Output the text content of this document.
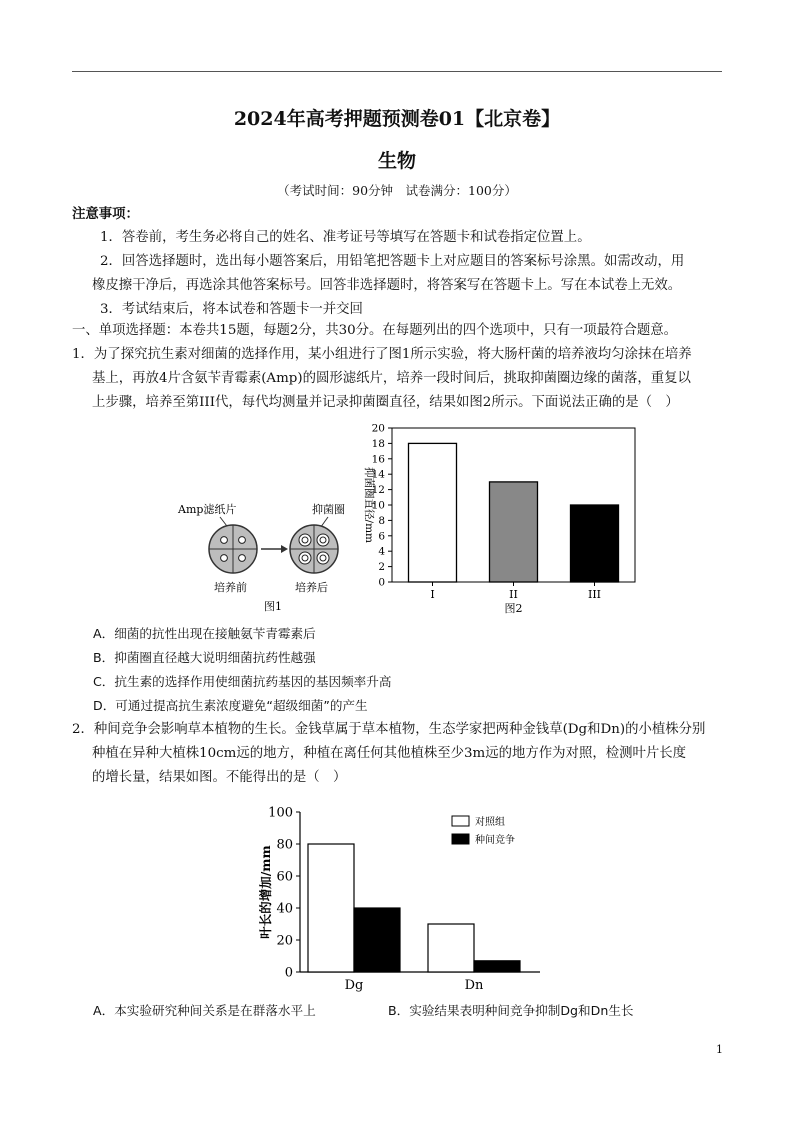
2024年高考押题预测卷01【北京卷】
生物
（考试时间：90分钟　试卷满分：100分）
注意事项：
1．答卷前，考生务必将自己的姓名、准考证号等填写在答题卡和试卷指定位置上。
2．回答选择题时，选出每小题答案后，用铅笔把答题卡上对应题目的答案标号涂黑。如需改动，用
橡皮擦干净后，再选涂其他答案标号。回答非选择题时，将答案写在答题卡上。写在本试卷上无效。
3．考试结束后，将本试卷和答题卡一并交回
一、单项选择题：本卷共15题，每题2分，共30分。在每题列出的四个选项中，只有一项最符合题意。
1．为了探究抗生素对细菌的选择作用，某小组进行了图1所示实验，将大肠杆菌的培养液均匀涂抹在培养
基上，再放4片含氨苄青霉素(Amp)的圆形滤纸片，培养一段时间后，挑取抑菌圈边缘的菌落，重复以
上步骤，培养至第III代，每代均测量并记录抑菌圈直径，结果如图2所示。下面说法正确的是（　）
Amp滤纸片	抑菌圈
培养前	培养后
图1
0
2
4
6
8
10
12
14
16
18
20
I	II	III
抑菌圈直径/mm
图2
A．细菌的抗性出现在接触氨苄青霉素后
B．抑菌圈直径越大说明细菌抗药性越强
C．抗生素的选择作用使细菌抗药基因的基因频率升高
D．可通过提高抗生素浓度避免“超级细菌”的产生
2．种间竞争会影响草本植物的生长。金钱草属于草本植物，生态学家把两种金钱草(Dg和Dn)的小植株分别
种植在异种大植株10cm远的地方，种植在离任何其他植株至少3m远的地方作为对照，检测叶片长度
的增长量，结果如图。不能得出的是（　）
0
20
40
60
80
100
Dg	Dn
对照组
种间竞争
叶长的增加/mm
A．本实验研究种间关系是在群落水平上	B．实验结果表明种间竞争抑制Dg和Dn生长
1
